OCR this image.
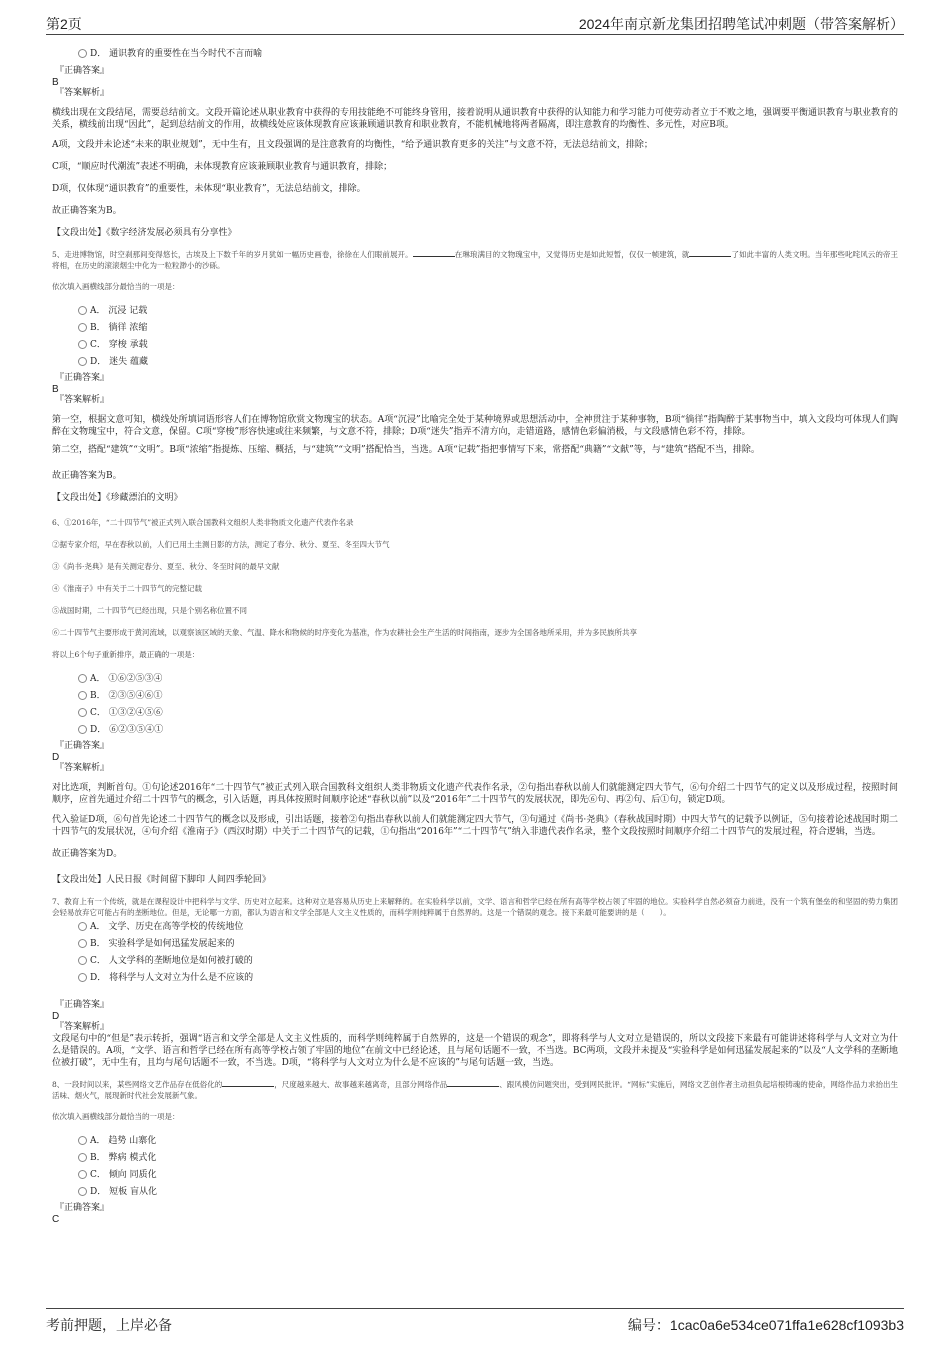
第2页	2024年南京新龙集团招聘笔试冲刺题（带答案解析）
D． 通识教育的重要性在当今时代不言而喻
『正确答案』
B
『答案解析』

横线出现在文段结尾，需要总结前文。文段开篇论述从职业教育中获得的专用技能绝不可能终身管用，接着说明从通识教育中获得的认知能力和学习能力可使劳动者立于不败之地，强调要平衡通识教育与职业教育的关系，横线前出现“因此”，起到总结前文的作用，故横线处应该体现教育应该兼顾通识教育和职业教育，不能机械地将两者隔离，即注意教育的均衡性、多元性，对应B项。

A项，文段并未论述“未来的职业规划”，无中生有，且文段强调的是注意教育的均衡性，“给予通识教育更多的关注”与文意不符，无法总结前文，排除；

C项，“顺应时代潮流”表述不明确，未体现教育应该兼顾职业教育与通识教育，排除；

D项，仅体现“通识教育”的重要性，未体现“职业教育”，无法总结前文，排除。

故正确答案为B。

【文段出处】《数字经济发展必须具有分享性》

5、走进博物馆，时空刹那间变得悠长，古埃及上下数千年的岁月犹如一幅历史画卷，徐徐在人们眼前展开。	在琳琅满目的文物瑰宝中，又觉得历史是如此短暂，仅仅一帧建筑，就	了如此丰富的人类文明。当年那些叱咤风云的帝王将相，在历史的滚滚烟尘中化为一粒粒渺小的沙砾。

依次填入画横线部分最恰当的一项是：

A． 沉浸 记载
B． 徜徉 浓缩
C． 穿梭 承载
D． 迷失 蕴藏
『正确答案』
B
『答案解析』

第一空，根据文意可知，横线处所填词语形容人们在博物馆欣赏文物瑰宝的状态。A项“沉浸”比喻完全处于某种境界或思想活动中，全神贯注于某种事物，B项“徜徉”指陶醉于某事物当中，填入文段均可体现人们陶醉在文物瑰宝中，符合文意，保留。C项“穿梭”形容快速或往来频繁，与文意不符，排除；D项“迷失”指弄不清方向，走错道路，感情色彩偏消极，与文段感情色彩不符，排除。

第二空，搭配“建筑”“文明”。B项“浓缩”指提炼、压缩、概括，与“建筑”“文明”搭配恰当，当选。A项“记载”指把事情写下来，常搭配“典籍”“文献”等，与“建筑”搭配不当，排除。

故正确答案为B。

【文段出处】《珍藏漂泊的文明》

6、①2016年，“二十四节气”被正式列入联合国教科文组织人类非物质文化遗产代表作名录

②据专家介绍，早在春秋以前，人们已用土圭测日影的方法，测定了春分、秋分、夏至、冬至四大节气

③《尚书·尧典》是有关测定春分、夏至、秋分、冬至时间的最早文献

④《淮南子》中有关于二十四节气的完整记载

⑤战国时期，二十四节气已经出现，只是个别名称位置不同

⑥二十四节气主要形成于黄河流域，以观察该区域的天象、气温、降水和物候的时序变化为基准，作为农耕社会生产生活的时间指南，逐步为全国各地所采用，并为多民族所共享

将以上6个句子重新排序，最正确的一项是：

A． ①⑥②⑤③④
B． ②③⑤④⑥①
C． ①③②④⑤⑥
D． ⑥②③⑤④①
『正确答案』
D
『答案解析』

对比选项，判断首句。①句论述2016年“二十四节气”被正式列入联合国教科文组织人类非物质文化遗产代表作名录，②句指出春秋以前人们就能测定四大节气，⑥句介绍二十四节气的定义以及形成过程，按照时间顺序，应首先通过介绍二十四节气的概念，引入话题，再具体按照时间顺序论述“春秋以前”以及“2016年”二十四节气的发展状况，即先⑥句、再②句、后①句，锁定D项。

代入验证D项，⑥句首先论述二十四节气的概念以及形成，引出话题，接着②句指出春秋以前人们就能测定四大节气，③句通过《尚书·尧典》（春秋战国时期）中四大节气的记载予以例证，⑤句接着论述战国时期二十四节气的发展状况，④句介绍《淮南子》（西汉时期）中关于二十四节气的记载，①句指出“2016年”“二十四节气”纳入非遗代表作名录，整个文段按照时间顺序介绍二十四节气的发展过程，符合逻辑，当选。

故正确答案为D。

【文段出处】人民日报《时间留下脚印 人间四季轮回》

7、教育上有一个传统，就是在课程设计中把科学与文学、历史对立起来。这种对立是容易从历史上来解释的。在实验科学以前，文学、语言和哲学已经在所有高等学校占领了牢固的地位。实验科学自然必须奋力前进，没有一个筑有堡垒的和坚固的势力集团会轻易放弃它可能占有的垄断地位。但是，无论哪一方面，都认为语言和文学全部是人文主义性质的，而科学则纯粹属于自然界的。这是一个错误的观念。接下来最可能要讲的是（　　）。

A． 文学、历史在高等学校的传统地位
B． 实验科学是如何迅猛发展起来的
C． 人文学科的垄断地位是如何被打破的
D． 将科学与人文对立为什么是不应该的
『正确答案』
D
『答案解析』

文段尾句中的“但是”表示转折，强调“语言和文学全部是人文主义性质的，而科学则纯粹属于自然界的，这是一个错误的观念”，即将科学与人文对立是错误的，所以文段接下来最有可能讲述将科学与人文对立为什么是错误的。A项，“文学、语言和哲学已经在所有高等学校占领了牢固的地位”在前文中已经论述，且与尾句话题不一致，不当选。BC两项，文段并未提及“实验科学是如何迅猛发展起来的”以及“人文学科的垄断地位被打破”，无中生有，且均与尾句话题不一致，不当选。D项，“将科学与人文对立为什么是不应该的”与尾句话题一致，当选。

8、一段时间以来，某些网络文艺作品存在低俗化的	，尺度越来越大、故事越来越离奇，且部分网络作品	、跟风模仿问题突出，受到网民批评。“网标”实施后，网络文艺创作者主动担负起培根铸魂的使命，网络作品力求抬出生活味、烟火气，展现新时代社会发展新气象。

依次填入画横线部分最恰当的一项是：

A． 趋势 山寨化
B． 弊病 模式化
C． 倾向 同质化
D． 短板 盲从化
『正确答案』
C
考前押题，上岸必备	编号：1cac0a6e534ce071ffa1e628cf1093b3
